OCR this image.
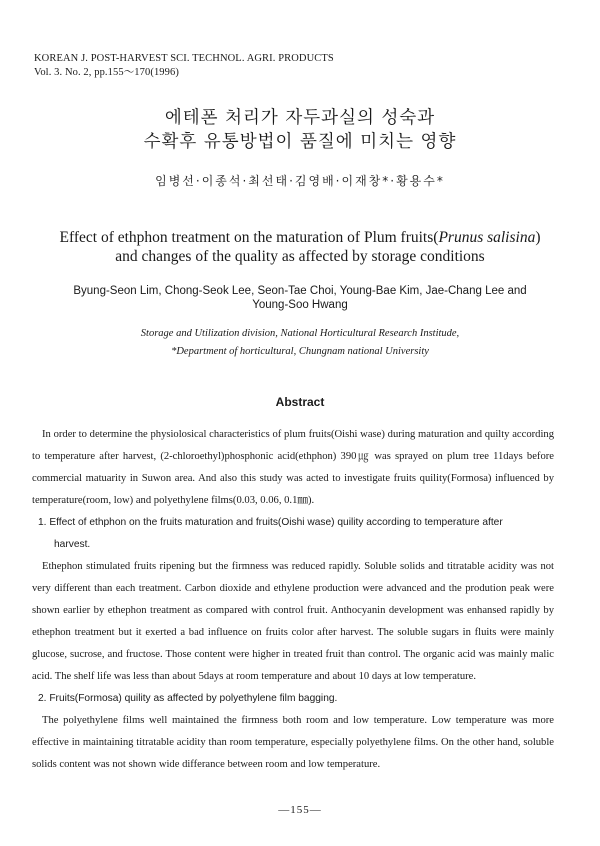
KOREAN J. POST-HARVEST SCI. TECHNOL. AGRI. PRODUCTS
Vol. 3. No. 2, pp.155～170(1996)
에테폰 처리가 자두과실의 성숙과
수확후 유통방법이 품질에 미치는 영향
임병선·이종석·최선태·김영배·이재창*·황용수*
Effect of ethphon treatment on the maturation of Plum fruits(Prunus salisina)
and changes of the quality as affected by storage conditions
Byung-Seon Lim, Chong-Seok Lee, Seon-Tae Choi, Young-Bae Kim, Jae-Chang Lee and
Young-Soo Hwang
Storage and Utilization division, National Horticultural Research Institude,
*Department of horticultural, Chungnam national University
Abstract

In order to determine the physiolosical characteristics of plum fruits(Oishi wase) during maturation and quilty according to temperature after harvest, (2-chloroethyl)phosphonic acid(ethphon) 390㎍ was sprayed on plum tree 11days before commercial matuarity in Suwon area. And also this study was acted to investigate fruits quility(Formosa) influenced by temperature(room, low) and polyethylene films(0.03, 0.06, 0.1㎜).

1. Effect of ethphon on the fruits maturation and fruits(Oishi wase) quility according to temperature after

harvest.

Ethephon stimulated fruits ripening but the firmness was reduced rapidly. Soluble solids and titratable acidity was not very different than each treatment. Carbon dioxide and ethylene production were advanced and the prodution peak were shown earlier by ethephon treatment as compared with control fruit. Anthocyanin development was enhansed rapidly by ethephon treatment but it exerted a bad influence on fruits color after harvest. The soluble sugars in fluits were mainly glucose, sucrose, and fructose. Those content were higher in treated fruit than control. The organic acid was mainly malic acid. The shelf life was less than about 5days at room temperature and about 10 days at low temperature.

2. Fruits(Formosa) quility as affected by polyethylene film bagging.

The polyethylene films well maintained the firmness both room and low temperature. Low temperature was more effective in maintaining titratable acidity than room temperature, especially polyethylene films. On the other hand, soluble solids content was not shown wide differance between room and low temperature.

—155—
